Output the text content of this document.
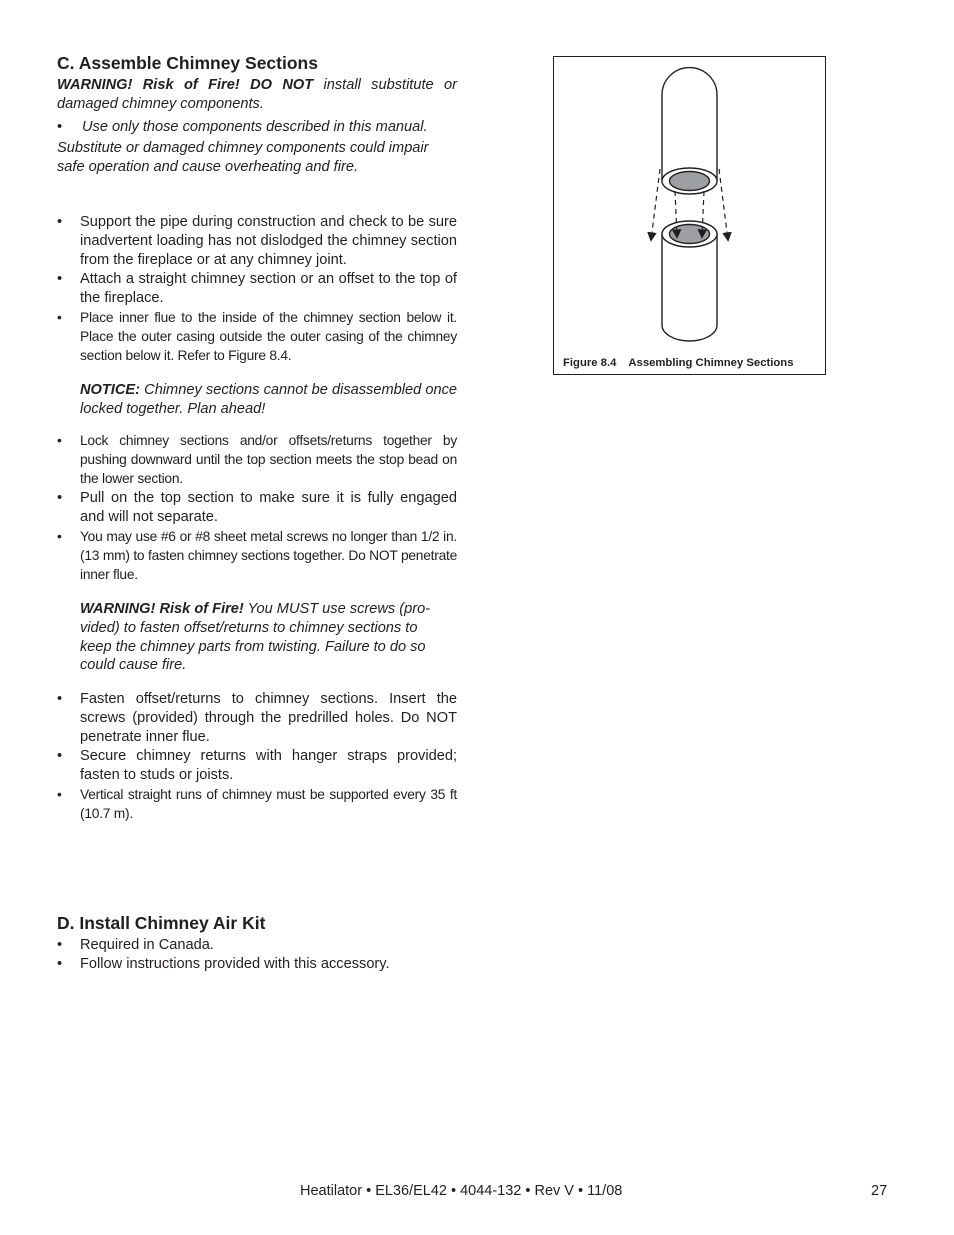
C. Assemble Chimney Sections

WARNING! Risk of Fire! DO NOT install substitute or damaged chimney components.

• Use only those components described in this manual.

Substitute or damaged chimney components could impair safe operation and cause overheating and fire.

• Support the pipe during construction and check to be sure inadvertent loading has not dislodged the chimney section from the fireplace or at any chimney joint.
• Attach a straight chimney section or an offset to the top of the fireplace.
• Place inner flue to the inside of the chimney section below it. Place the outer casing outside the outer casing of the chimney section below it. Refer to Figure 8.4.

NOTICE: Chimney sections cannot be disassembled once locked together. Plan ahead!

• Lock chimney sections and/or offsets/returns together by pushing downward until the top section meets the stop bead on the lower section.
• Pull on the top section to make sure it is fully engaged and will not separate.
• You may use #6 or #8 sheet metal screws no longer than 1/2 in. (13 mm) to fasten chimney sections together. Do NOT penetrate inner flue.
WARNING! Risk of Fire! You MUST use screws (pro-
vided) to fasten offset/returns to chimney sections to
keep the chimney parts from twisting. Failure to do so
could cause fire.
• Fasten offset/returns to chimney sections. Insert the screws (provided) through the predrilled holes. Do NOT penetrate inner flue.
• Secure chimney returns with hanger straps provided; fasten to studs or joists.
• Vertical straight runs of chimney must be supported every 35 ft (10.7 m).
D. Install Chimney Air Kit
• Required in Canada.
• Follow instructions provided with this accessory.
Figure 8.4 Assembling Chimney Sections
Heatilator • EL36/EL42 • 4044-132 • Rev V • 11/08	27
